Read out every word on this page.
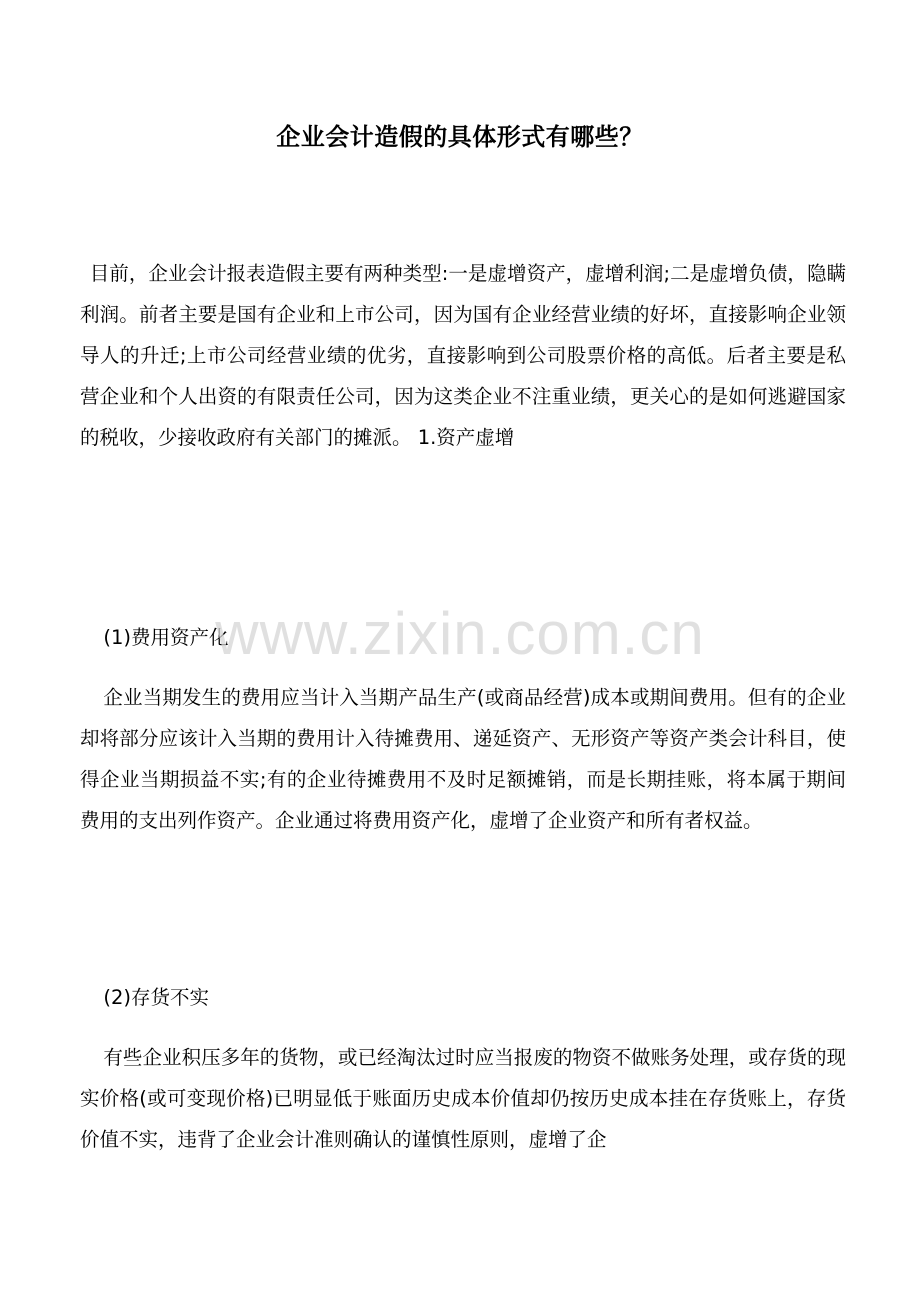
企业会计造假的具体形式有哪些？
目前，企业会计报表造假主要有两种类型:一是虚增资产，虚增利润;二是虚增负债，隐瞒利润。前者主要是国有企业和上市公司，因为国有企业经营业绩的好坏，直接影响企业领导人的升迁;上市公司经营业绩的优劣，直接影响到公司股票价格的高低。后者主要是私营企业和个人出资的有限责任公司，因为这类企业不注重业绩，更关心的是如何逃避国家的税收，少接收政府有关部门的摊派。 1.资产虚增
(1)费用资产化
企业当期发生的费用应当计入当期产品生产(或商品经营)成本或期间费用。但有的企业却将部分应该计入当期的费用计入待摊费用、递延资产、无形资产等资产类会计科目，使得企业当期损益不实;有的企业待摊费用不及时足额摊销，而是长期挂账，将本属于期间费用的支出列作资产。企业通过将费用资产化，虚增了企业资产和所有者权益。
(2)存货不实
有些企业积压多年的货物，或已经淘汰过时应当报废的物资不做账务处理，或存货的现实价格(或可变现价格)已明显低于账面历史成本价值却仍按历史成本挂在存货账上，存货价值不实，违背了企业会计准则确认的谨慎性原则，虚增了企
www.zixin.com.cn
